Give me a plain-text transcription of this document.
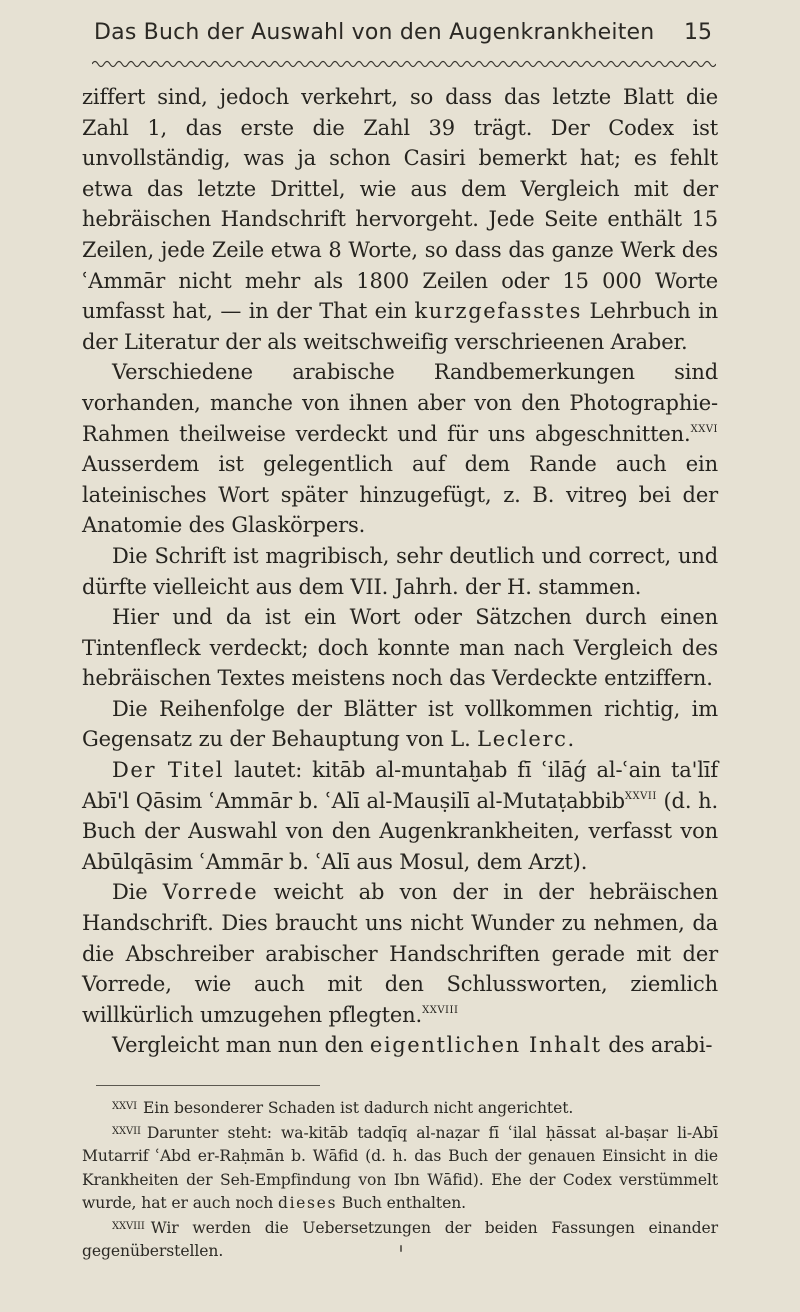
Das Buch der Auswahl von den Augenkrankheiten 15

ziffert sind, jedoch verkehrt, so dass das letzte Blatt die Zahl 1, das erste die Zahl 39 trägt. Der Codex ist unvollständig, was ja schon Casiri bemerkt hat; es fehlt etwa das letzte Drittel, wie aus dem Vergleich mit der hebräischen Handschrift hervorgeht. Jede Seite enthält 15 Zeilen, jede Zeile etwa 8 Worte, so dass das ganze Werk des ʿAmmār nicht mehr als 1800 Zeilen oder 15 000 Worte umfasst hat, — in der That ein kurzgefasstes Lehrbuch in der Literatur der als weitschweifig verschrieenen Araber.

Verschiedene arabische Randbemerkungen sind vorhanden, manche von ihnen aber von den Photographie-Rahmen theilweise verdeckt und für uns abgeschnitten.$^{XXVI}$ Ausserdem ist gelegentlich auf dem Rande auch ein lateinisches Wort später hinzugefügt, z. B. vitreꝯ bei der Anatomie des Glaskörpers.

Die Schrift ist magribisch, sehr deutlich und correct, und dürfte vielleicht aus dem VII. Jahrh. der H. stammen.

Hier und da ist ein Wort oder Sätzchen durch einen Tintenfleck verdeckt; doch konnte man nach Vergleich des hebräischen Textes meistens noch das Verdeckte entziffern.

Die Reihenfolge der Blätter ist vollkommen richtig, im Gegensatz zu der Behauptung von L. Leclerc.

Der Titel lautet: kitāb al-muntaḫab fī ʿilāǵ al-ʿain ta'līf Abī'l Qāsim ʿAmmār b. ʿAlī al-Mauṣilī al-Mutaṭabbib$^{XXVII}$ (d. h. Buch der Auswahl von den Augenkrankheiten, verfasst von Abūlqāsim ʿAmmār b. ʿAlī aus Mosul, dem Arzt).

Die Vorrede weicht ab von der in der hebräischen Handschrift. Dies braucht uns nicht Wunder zu nehmen, da die Abschreiber arabischer Handschriften gerade mit der Vorrede, wie auch mit den Schlussworten, ziemlich willkürlich umzugehen pflegten.$^{XXVIII}$

Vergleicht man nun den eigentlichen Inhalt des arabi-

$^{XXVI}$ Ein besonderer Schaden ist dadurch nicht angerichtet.

$^{XXVII}$ Darunter steht: wa-kitāb tadqīq al-naẓar fī ʿilal ḥāssat al-baṣar li-Abī Mutarrif ʿAbd er-Raḥmān b. Wāfid (d. h. das Buch der genauen Einsicht in die Krankheiten der Seh-Empfindung von Ibn Wāfid). Ehe der Codex verstümmelt wurde, hat er auch noch dieses Buch enthalten.

$^{XXVIII}$ Wir werden die Uebersetzungen der beiden Fassungen einander gegenüberstellen.
